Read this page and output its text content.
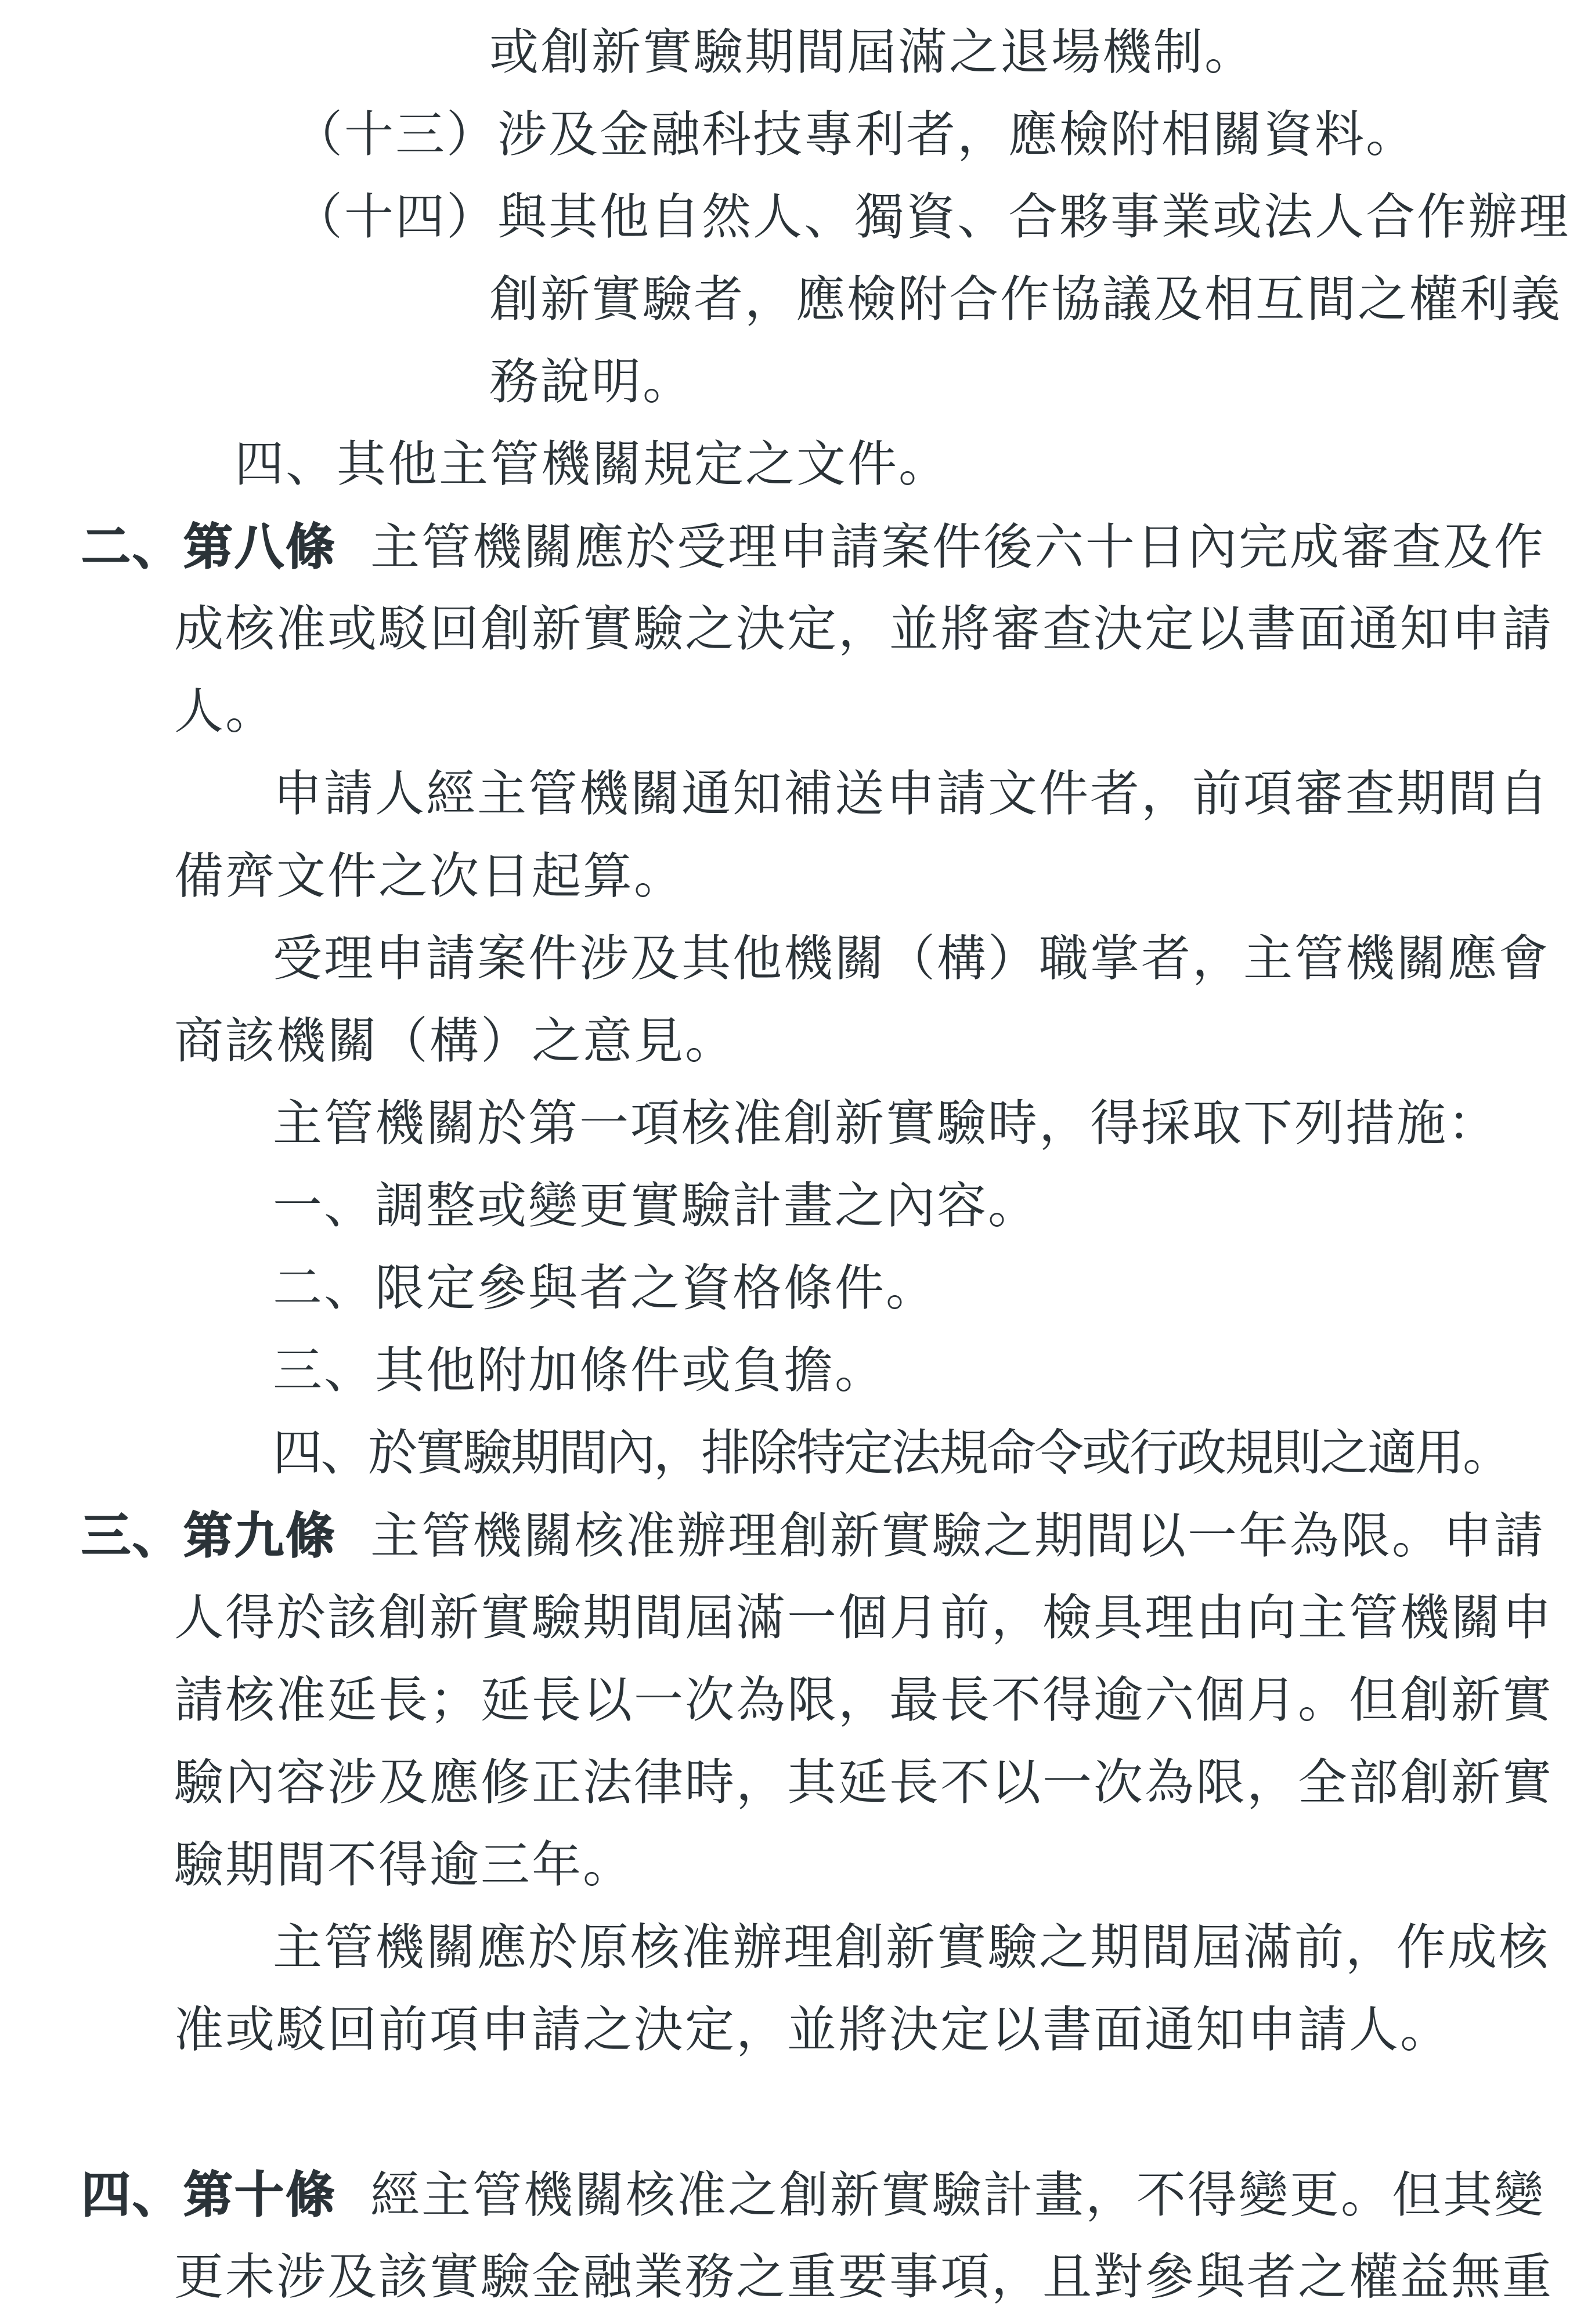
或創新實驗期間屆滿之退場機制。
（十三）涉及金融科技專利者，應檢附相關資料。
（十四）與其他自然人、獨資、合夥事業或法人合作辦理
創新實驗者，應檢附合作協議及相互間之權利義
務說明。
四、其他主管機關規定之文件。
二、第八條 主管機關應於受理申請案件後六十日內完成審查及作
成核准或駁回創新實驗之決定，並將審查決定以書面通知申請
人。
申請人經主管機關通知補送申請文件者，前項審查期間自
備齊文件之次日起算。
受理申請案件涉及其他機關（構）職掌者，主管機關應會
商該機關（構）之意見。
主管機關於第一項核准創新實驗時，得採取下列措施：
一、調整或變更實驗計畫之內容。
二、限定參與者之資格條件。
三、其他附加條件或負擔。
四、於實驗期間內，排除特定法規命令或行政規則之適用。
三、第九條 主管機關核准辦理創新實驗之期間以一年為限。申請
人得於該創新實驗期間屆滿一個月前，檢具理由向主管機關申
請核准延長；延長以一次為限，最長不得逾六個月。但創新實
驗內容涉及應修正法律時，其延長不以一次為限，全部創新實
驗期間不得逾三年。
主管機關應於原核准辦理創新實驗之期間屆滿前，作成核
准或駁回前項申請之決定，並將決定以書面通知申請人。
四、第十條 經主管機關核准之創新實驗計畫，不得變更。但其變
更未涉及該實驗金融業務之重要事項，且對參與者之權益無重
